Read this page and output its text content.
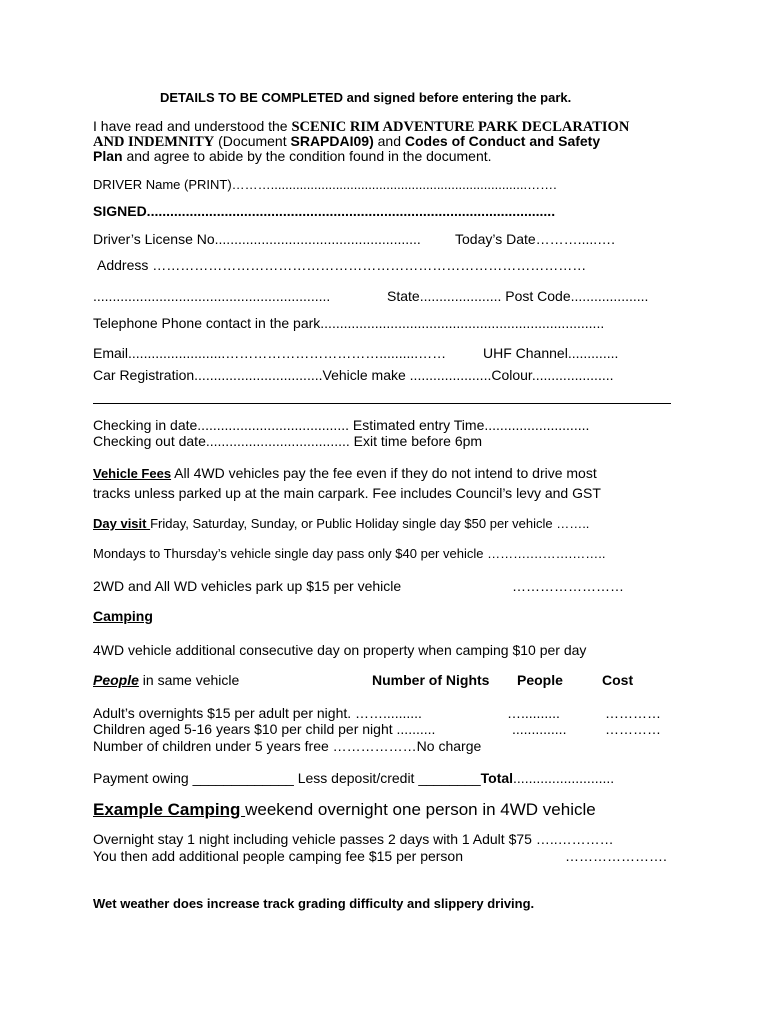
DETAILS TO BE COMPLETED and signed before entering the park.
I have read and understood the SCENIC RIM ADVENTURE PARK DECLARATION
AND INDEMNITY (Document SRAPDAI09) and Codes of Conduct and Safety
Plan and agree to abide by the condition found in the document.
DRIVER Name (PRINT)……….......................................................................…….
SIGNED.........................................................................................................
Driver’s License No..................................................... Today’s Date……….....….
Address …………………………………………………………………………………
.............................................................	State..................... Post Code....................
Telephone Phone contact in the park.........................................................................
Email.........................……………………………..........……	UHF Channel.............
Car Registration.................................Vehicle make .....................Colour.....................
Checking in date....................................... Estimated entry Time...........................
Checking out date..................................... Exit time before 6pm
Vehicle Fees All 4WD vehicles pay the fee even if they do not intend to drive most
tracks unless parked up at the main carpark. Fee includes Council’s levy and GST
Day visit Friday, Saturday, Sunday, or Public Holiday single day $50 per vehicle ……..
Mondays to Thursday’s vehicle single day pass only $40 per vehicle ……….……….……..
2WD and All WD vehicles park up $15 per vehicle	……………………
Camping
4WD vehicle additional consecutive day on property when camping $10 per day
People in same vehicle	Number of Nights People	Cost
Adult’s overnights $15 per adult per night. ……..........	…..........	…………
Children aged 5-16 years $10 per child per night ..........	..............	…………
Number of children under 5 years free ………………No charge
Payment owing _____________ Less deposit/credit ________Total..........................
Example Camping weekend overnight one person in 4WD vehicle
Overnight stay 1 night including vehicle passes 2 days with 1 Adult $75 …..…………
You then add additional people camping fee $15 per person	………………….
Wet weather does increase track grading difficulty and slippery driving.
